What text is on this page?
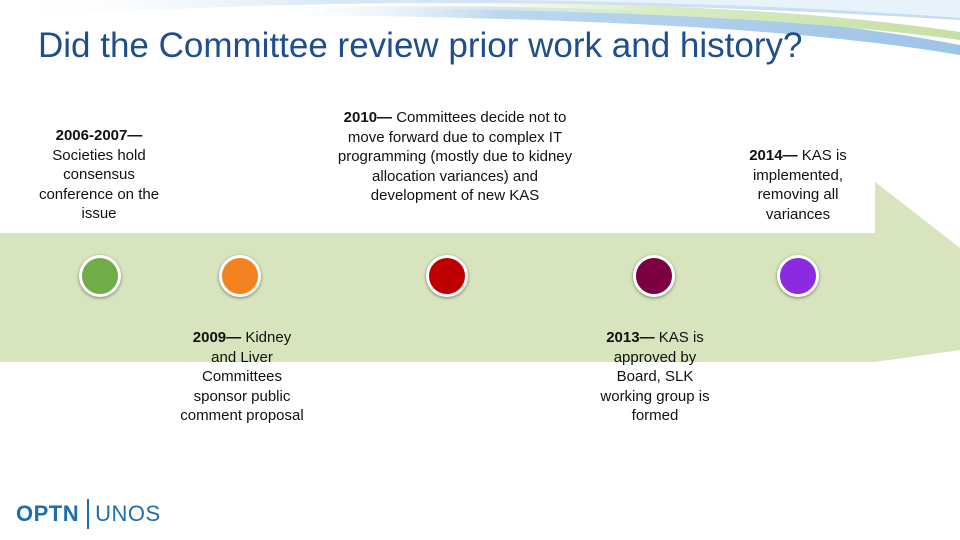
Did the Committee review prior work and history?
2006-2007— Societies hold consensus conference on the issue
2009— Kidney and Liver Committees sponsor public comment proposal
2010— Committees decide not to move forward due to complex IT programming (mostly due to kidney allocation variances) and development of new KAS
2013— KAS is approved by Board, SLK working group is formed
2014— KAS is implemented, removing all variances
OPTN UNOS
